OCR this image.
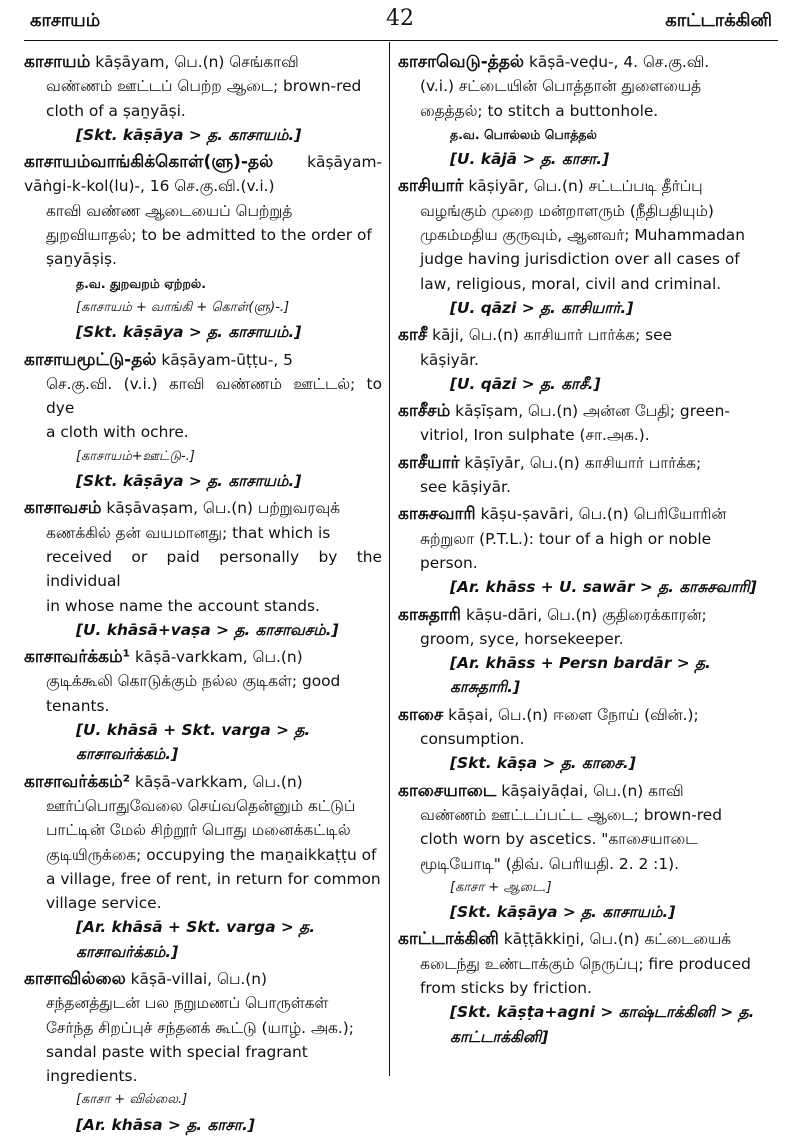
காசாயம்	42	காட்டாக்கினி
காசாயம் kāṣāyam, பெ.(n) செங்காவி
வண்ணம் ஊட்டப் பெற்ற ஆடை; brown-red
cloth of a ṣaṉyāṣi.
[Skt. kāṣāya > த. காசாயம்.]
காசாயம்வாங்கிக்கொள்(ளு)-தல் kāṣāyam-vāṅgi-k-kol(lu)-, 16 செ.கு.வி.(v.i.)
காவி வண்ண ஆடையைப் பெற்றுத்
துறவியாதல்; to be admitted to the order of
ṣaṉyāṣiṣ.
த.வ. துறவறம் ஏற்றல்.
[காசாயம் + வாங்கி + கொள்(ளு)-.]
[Skt. kāṣāya > த. காசாயம்.]
காசாயமூட்டு-தல் kāṣāyam-ūṭṭu-, 5
செ.கு.வி. (v.i.) காவி வண்ணம் ஊட்டல்; to dye
a cloth with ochre.
[காசாயம்+ஊட்டு-.]
[Skt. kāṣāya > த. காசாயம்.]
காசாவசம் kāṣāvaṣam, பெ.(n) பற்றுவரவுக்
கணக்கில் தன் வயமானது; that which is
received or paid personally by the individual
in whose name the account stands.
[U. khāsā+vaṣa > த. காசாவசம்.]
காசாவர்க்கம்¹ kāṣā-varkkam, பெ.(n)
குடிக்கூலி கொடுக்கும் நல்ல குடிகள்; good
tenants.
[U. khāsā + Skt. varga > த. காசாவர்க்கம்.]
காசாவர்க்கம்² kāṣā-varkkam, பெ.(n)
ஊர்ப்பொதுவேலை செய்வதென்னும் கட்டுப்
பாட்டின் மேல் சிற்றூர் பொது மனைக்கட்டில்
குடியிருக்கை; occupying the maṉaikkaṭṭu of
a village, free of rent, in return for common
village service.
[Ar. khāsā + Skt. varga > த. காசாவர்க்கம்.]
காசாவில்லை kāṣā-villai, பெ.(n)
சந்தனத்துடன் பல நறுமணப் பொருள்கள்
சேர்ந்த சிறப்புச் சந்தனக் கூட்டு (யாழ். அக.);
sandal paste with special fragrant
ingredients.
[காசா + வில்லை.]
[Ar. khāsa > த. காசா.]
காசாவெடு-த்தல் kāṣā-veḍu-, 4. செ.கு.வி.
(v.i.) சட்டையின் பொத்தான் துளையைத்
தைத்தல்; to stitch a buttonhole.
த.வ. பொல்லம் பொத்தல்
[U. kājā > த. காசா.]
காசியார் kāṣiyār, பெ.(n) சட்டப்படி தீர்ப்பு
வழங்கும் முறை மன்றாளரும் (நீதிபதியும்)
முகம்மதிய குருவும், ஆனவர்; Muhammadan
judge having jurisdiction over all cases of
law, religious, moral, civil and criminal.
[U. qāzi > த. காசியார்.]
காசீ kāji, பெ.(n) காசியார் பார்க்க; see
kāṣiyār.
[U. qāzi > த. காசீ.]
காசீசம் kāṣīṣam, பெ.(n) அன்ன பேதி; green-
vitriol, Iron sulphate (சா.அக.).
காசீயார் kāṣīyār, பெ.(n) காசியார் பார்க்க;
see kāṣiyār.
காசுசவாரி kāṣu-ṣavāri, பெ.(n) பெரியோரின்
சுற்றுலா (P.T.L.): tour of a high or noble
person.
[Ar. khāss + U. sawār > த. காசுசவாரி]
காசுதாரி kāṣu-dāri, பெ.(n) குதிரைக்காரன்;
groom, syce, horsekeeper.
[Ar. khāss + Persn bardār > த. காசுதாரி.]
காசை kāṣai, பெ.(n) ஈளை நோய் (வின்.);
consumption.
[Skt. kāṣa > த. காசை.]
காசையாடை kāṣaiyāḍai, பெ.(n) காவி
வண்ணம் ஊட்டப்பட்ட ஆடை; brown-red
cloth worn by ascetics. "காசையாடை
மூடியோடி" (திவ். பெரியதி. 2. 2 :1).
[காசா + ஆடை.]
[Skt. kāṣāya > த. காசாயம்.]
காட்டாக்கினி kāṭṭākkiṉi, பெ.(n) கட்டையைக்
கடைந்து உண்டாக்கும் நெருப்பு; fire produced
from sticks by friction.
[Skt. kāṣṭa+agni > காஷ்டாக்கினி > த.
காட்டாக்கினி]
